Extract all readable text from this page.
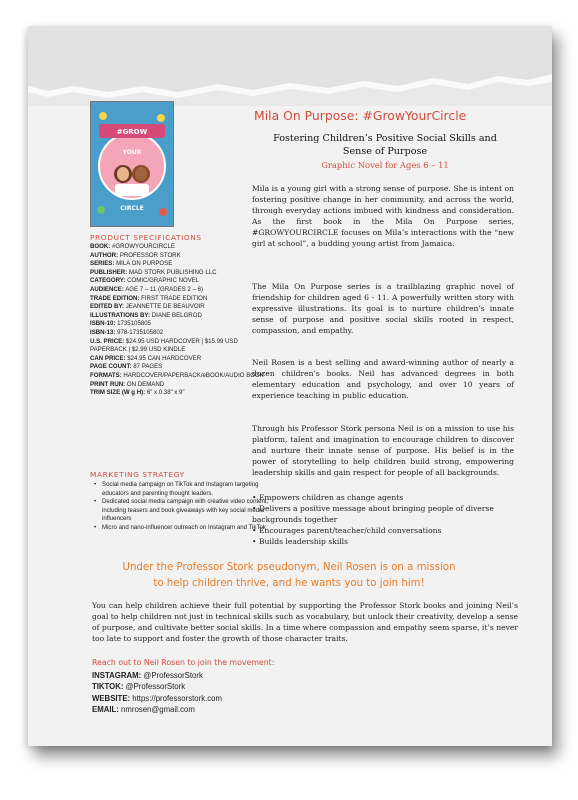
#GROW
YOUR
CIRCLE
PRODUCT SPECIFICATIONS
BOOK: #GROWYOURCIRCLE
AUTHOR: PROFESSOR STORK
SERIES: MILA ON PURPOSE
PUBLISHER: MAD STORK PUBLISHING LLC
CATEGORY: COMIC/GRAPHIC NOVEL
AUDIENCE: AGE 7 – 11 (GRADES 2 – 6)
TRADE EDITION: FIRST TRADE EDITION
EDITED BY: JEANNETTE DE BEAUVOIR
ILLUSTRATIONS BY: DIANE BELGROD
ISBN-10: 1735105805
ISBN-13: 978-1735105802
U.S. PRICE: $24.95 USD HARDCOVER | $15.99 USD PAPERBACK | $2.99 USD KINDLE
CAN PRICE: $24.95 CAN HARDCOVER
PAGE COUNT: 87 PAGES
FORMATS: HARDCOVER/PAPERBACK/eBOOK/AUDIO BOOK
PRINT RUN: ON DEMAND
TRIM SIZE (W g H): 6” x 0.38” x 9”
MARKETING STRATEGY
• Social media campaign on TikTok and Instagram targeting educators and parenting thought leaders.
• Dedicated social media campaign with creative video content, including teasers and book giveaways with key social media influencers
• Micro and nano-influencer outreach on Instagram and TikTok
Mila On Purpose: #GrowYourCircle
Fostering Children’s Positive Social Skills and
Sense of Purpose
Graphic Novel for Ages 6 – 11
Mila is a young girl with a strong sense of purpose. She is intent on fostering positive change in her community, and across the world, through everyday actions imbued with kindness and consideration. As the first book in the Mila On Purpose series, #GROWYOURCIRCLE focuses on Mila’s interactions with the “new girl at school”, a budding young artist from Jamaica.
The Mila On Purpose series is a trailblazing graphic novel of friendship for children aged 6 - 11. A powerfully written story with expressive illustrations. Its goal is to nurture children’s innate sense of purpose and positive social skills rooted in respect, compassion, and empathy.
Neil Rosen is a best selling and award-winning author of nearly a dozen children’s books. Neil has advanced degrees in both elementary education and psychology, and over 10 years of experience teaching in public education.
Through his Professor Stork persona Neil is on a mission to use his platform, talent and imagination to encourage children to discover and nurture their innate sense of purpose. His belief is in the power of storytelling to help children build strong, empowering leadership skills and gain respect for people of all backgrounds.
• Empowers children as change agents
• Delivers a positive message about bringing people of diverse backgrounds together
• Encourages parent/teacher/child conversations
• Builds leadership skills
Under the Professor Stork pseudonym, Neil Rosen is on a mission
to help children thrive, and he wants you to join him!
You can help children achieve their full potential by supporting the Professor Stork books and joining Neil’s goal to help children not just in technical skills such as vocabulary, but unlock their creativity, develop a sense of purpose, and cultivate better social skills. In a time where compassion and empathy seem sparse, it’s never too late to support and foster the growth of those character traits.
Reach out to Neil Rosen to join the movement:
INSTAGRAM: @ProfessorStork
TIKTOK: @ProfessorStork
WEBSITE: https://professorstork.com
EMAIL: nmrosen@gmail.com
